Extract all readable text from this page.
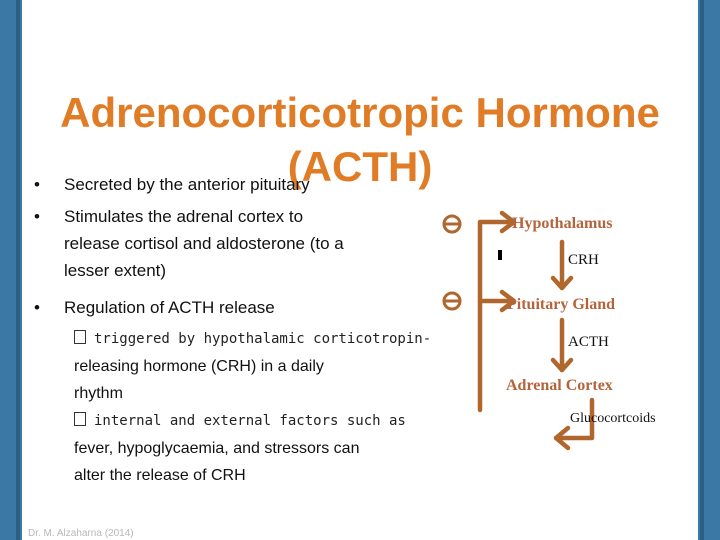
Adrenocorticotropic Hormone
(ACTH)
• Secreted by the anterior pituitary
• Stimulates the adrenal cortex to
release cortisol and aldosterone (to a
lesser extent)
• Regulation of ACTH release
triggered by hypothalamic corticotropin-
releasing hormone (CRH) in a daily
rhythm
internal and external factors such as
fever, hypoglycaemia, and stressors can
alter the release of CRH
Hypothalamus
CRH
Pituitary Gland
ACTH
Adrenal Cortex
Glucocortcoids
Dr. M. Alzaharna (2014)
